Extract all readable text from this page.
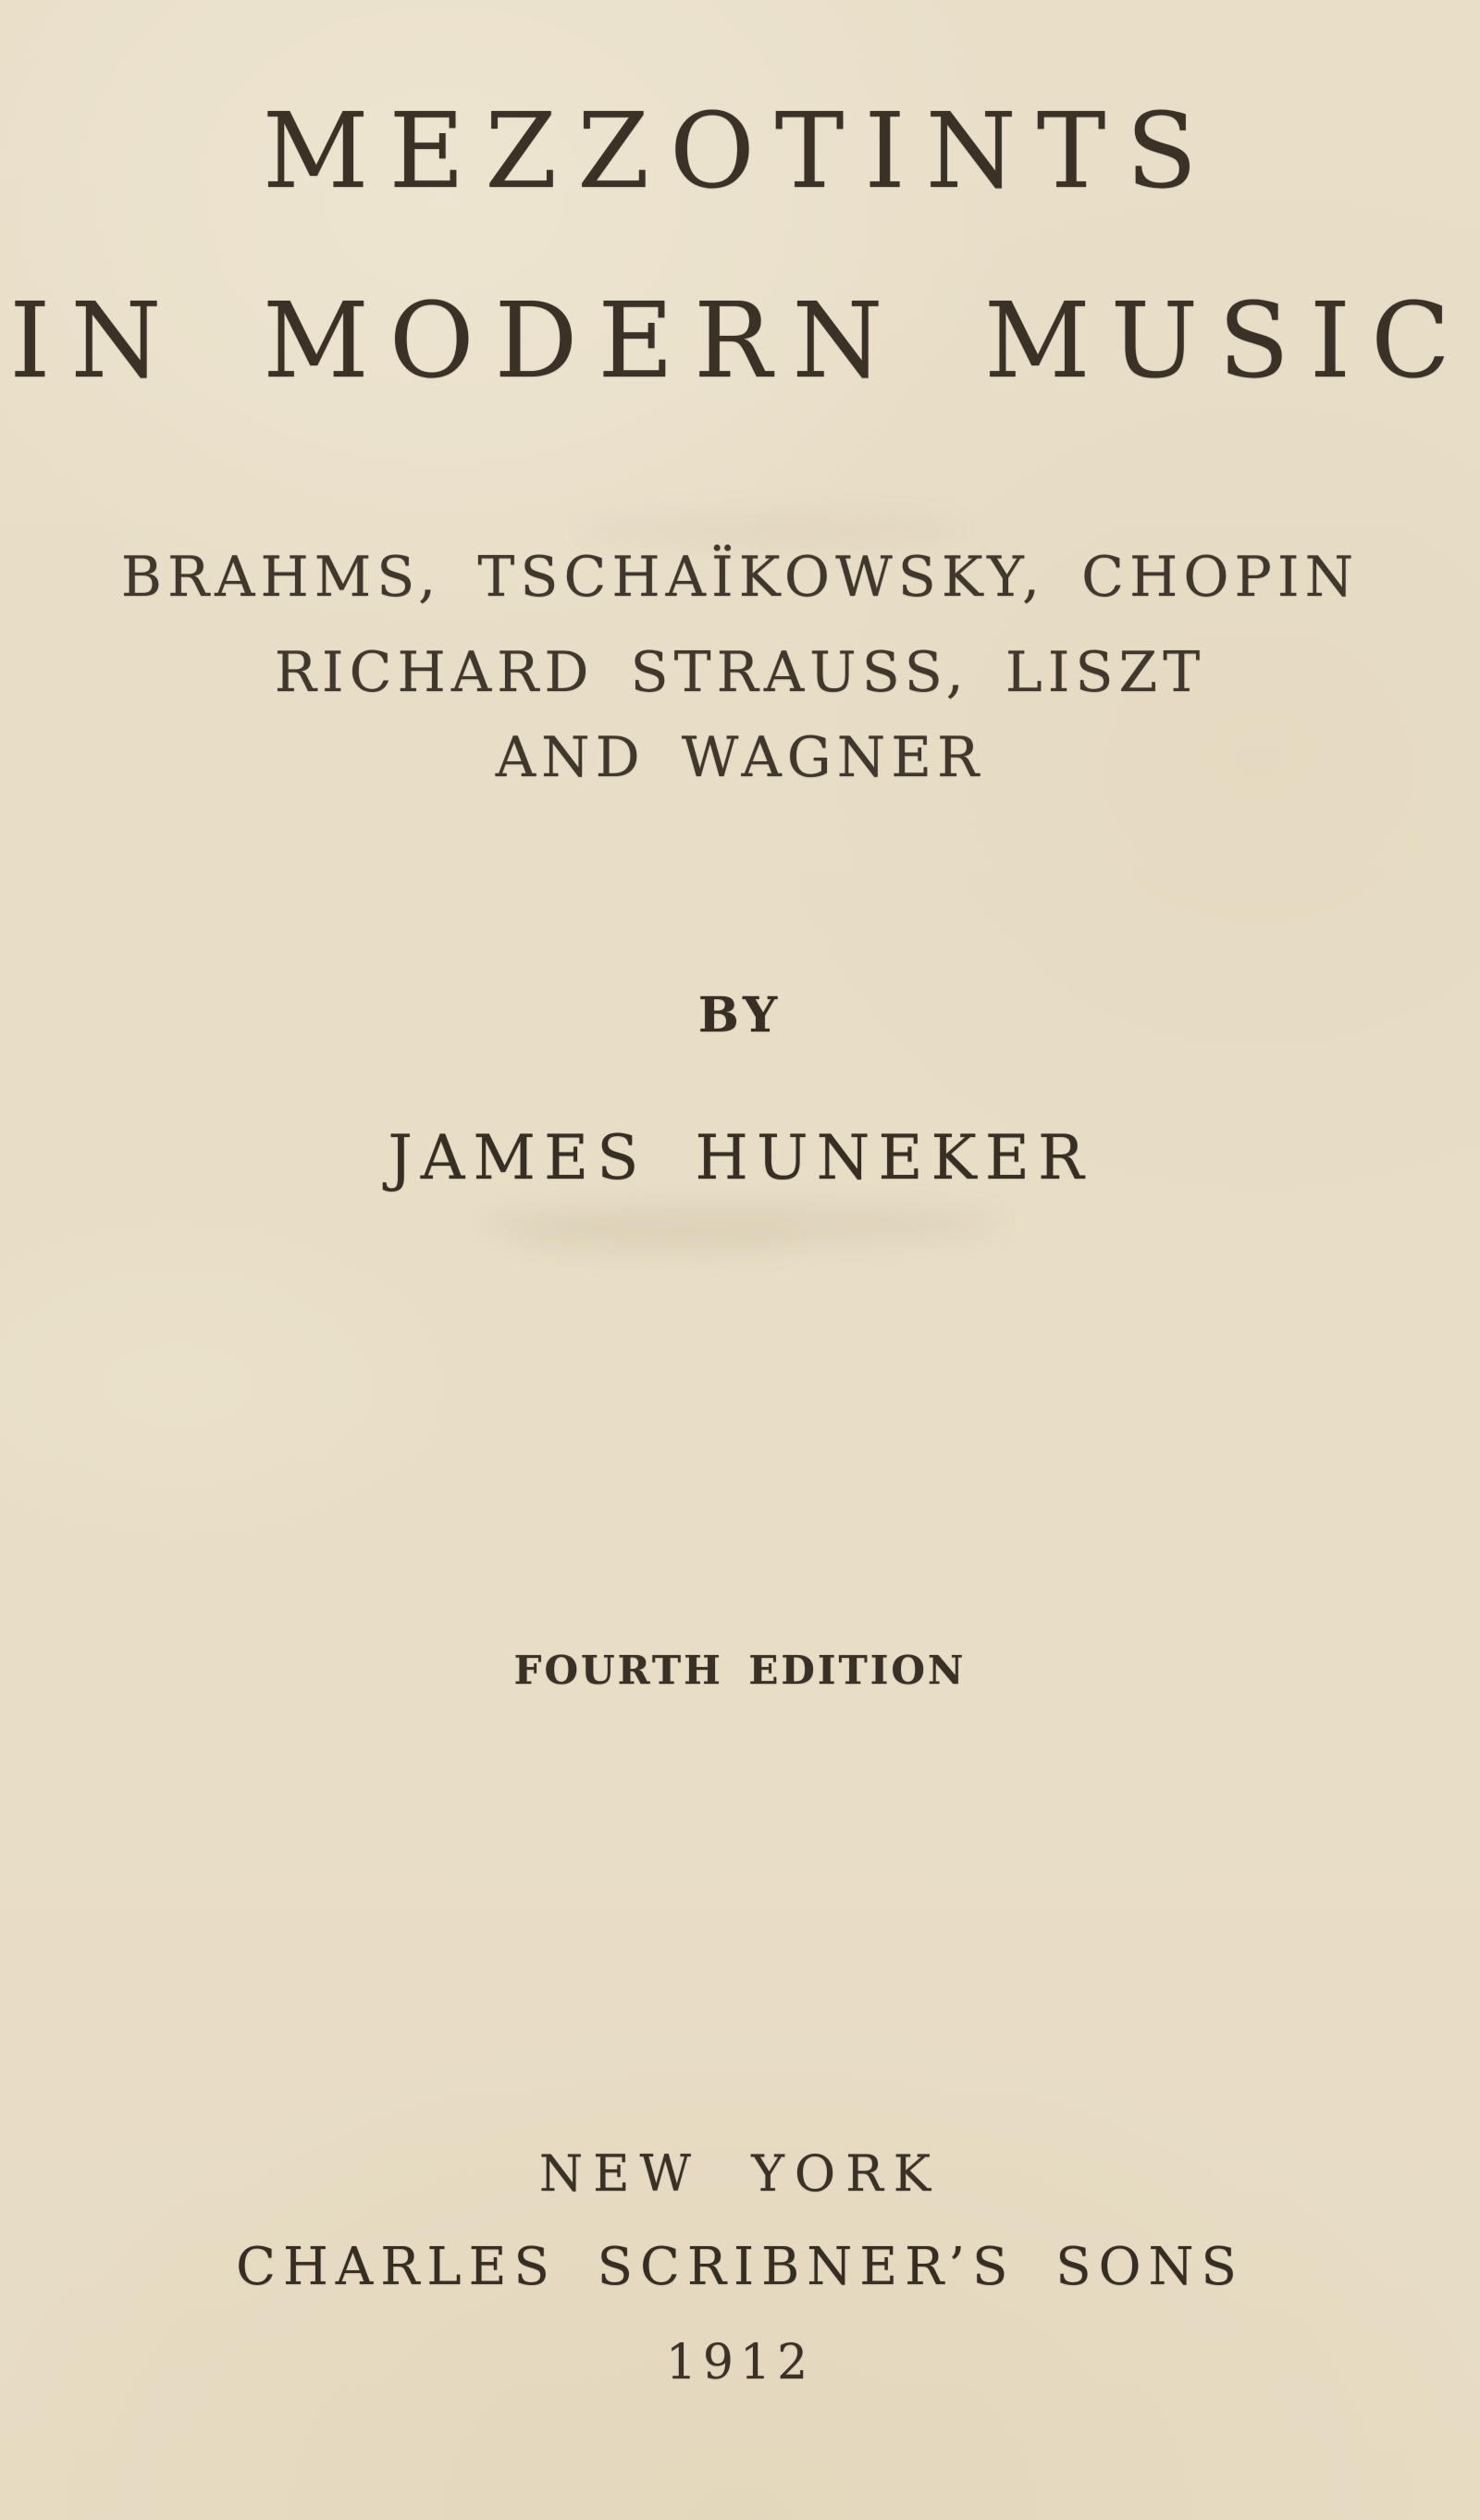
MEZZOTINTS
IN MODERN MUSIC
BRAHMS, TSCHAÏKOWSKY, CHOPIN
RICHARD STRAUSS, LISZT
AND WAGNER
BY
JAMES HUNEKER
FOURTH EDITION
NEW YORK
CHARLES SCRIBNER’S SONS
1912
